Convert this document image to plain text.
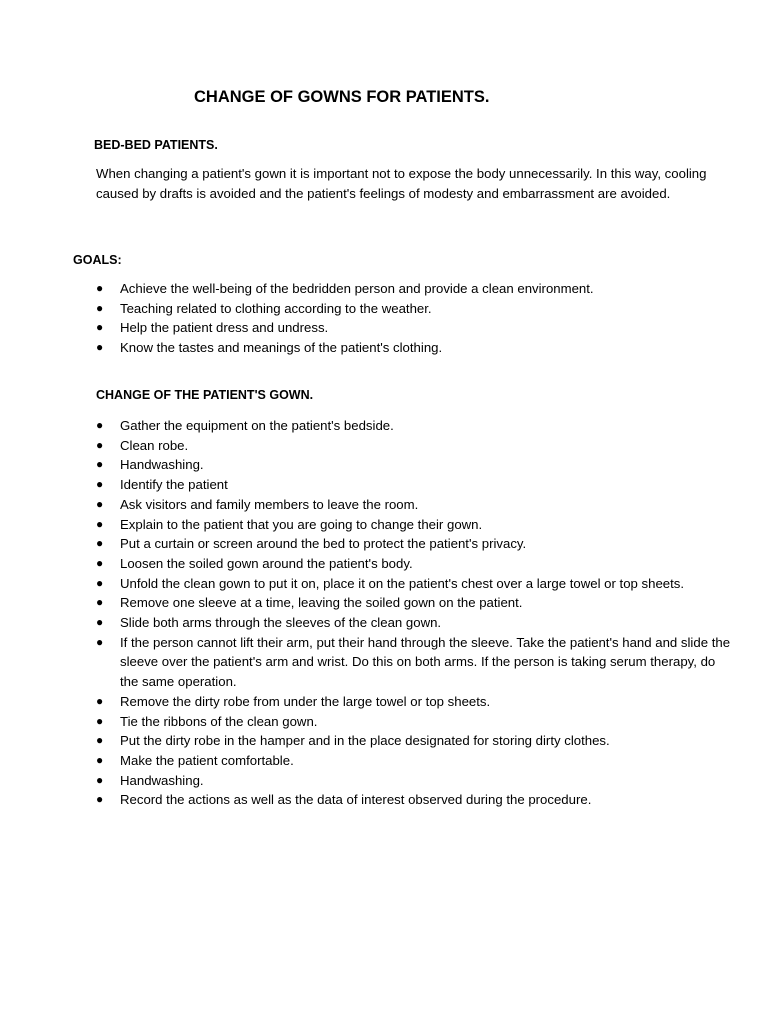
CHANGE OF GOWNS FOR PATIENTS.
BED-BED PATIENTS.
When changing a patient's gown it is important not to expose the body unnecessarily. In this way, cooling caused by drafts is avoided and the patient's feelings of modesty and embarrassment are avoided.
GOALS:
● Achieve the well-being of the bedridden person and provide a clean environment.
● Teaching related to clothing according to the weather.
● Help the patient dress and undress.
● Know the tastes and meanings of the patient's clothing.
CHANGE OF THE PATIENT'S GOWN.
● Gather the equipment on the patient's bedside.
● Clean robe.
● Handwashing.
● Identify the patient
● Ask visitors and family members to leave the room.
● Explain to the patient that you are going to change their gown.
● Put a curtain or screen around the bed to protect the patient's privacy.
● Loosen the soiled gown around the patient's body.
● Unfold the clean gown to put it on, place it on the patient's chest over a large towel or top sheets.
● Remove one sleeve at a time, leaving the soiled gown on the patient.
● Slide both arms through the sleeves of the clean gown.
● If the person cannot lift their arm, put their hand through the sleeve. Take the patient's hand and slide the sleeve over the patient's arm and wrist. Do this on both arms. If the person is taking serum therapy, do the same operation.
● Remove the dirty robe from under the large towel or top sheets.
● Tie the ribbons of the clean gown.
● Put the dirty robe in the hamper and in the place designated for storing dirty clothes.
● Make the patient comfortable.
● Handwashing.
● Record the actions as well as the data of interest observed during the procedure.
